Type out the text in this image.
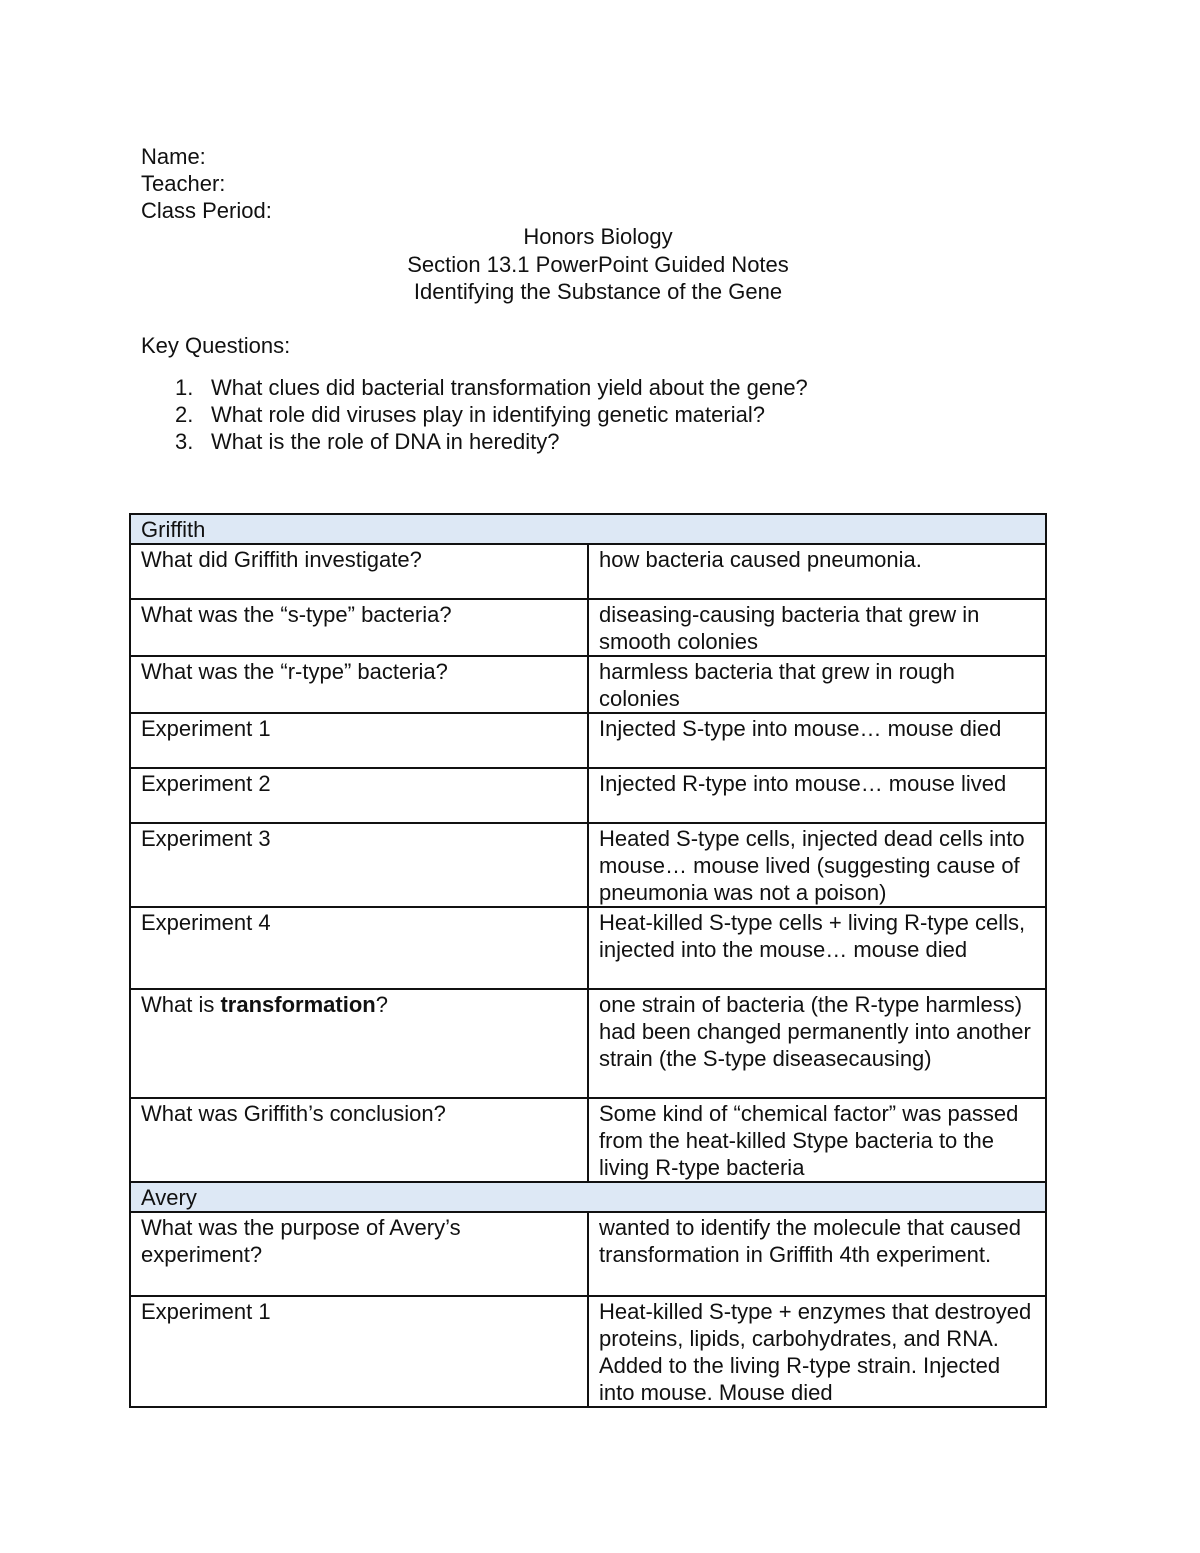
Name:
Teacher:
Class Period:
Honors Biology
Section 13.1 PowerPoint Guided Notes
Identifying the Substance of the Gene
Key Questions:
1. What clues did bacterial transformation yield about the gene?
2. What role did viruses play in identifying genetic material?
3. What is the role of DNA in heredity?
Griffith	
What did Griffith investigate?	how bacteria caused pneumonia.
What was the “s-type” bacteria?	diseasing-causing bacteria that grew in smooth colonies
What was the “r-type” bacteria?	harmless bacteria that grew in rough colonies
Experiment 1	Injected S-type into mouse… mouse died
Experiment 2	Injected R-type into mouse… mouse lived
Experiment 3	Heated S-type cells, injected dead cells into mouse… mouse lived (suggesting cause of pneumonia was not a poison)
Experiment 4	Heat-killed S-type cells + living R-type cells, injected into the mouse… mouse died
What is transformation?	one strain of bacteria (the R-type harmless) had been changed permanently into another strain (the S-type diseasecausing)
What was Griffith’s conclusion?	Some kind of “chemical factor” was passed from the heat-killed Stype bacteria to the living R-type bacteria
Avery	
What was the purpose of Avery’s experiment?	wanted to identify the molecule that caused transformation in Griffith 4th experiment.
Experiment 1	Heat-killed S-type + enzymes that destroyed proteins, lipids, carbohydrates, and RNA. Added to the living R-type strain. Injected into mouse. Mouse died
